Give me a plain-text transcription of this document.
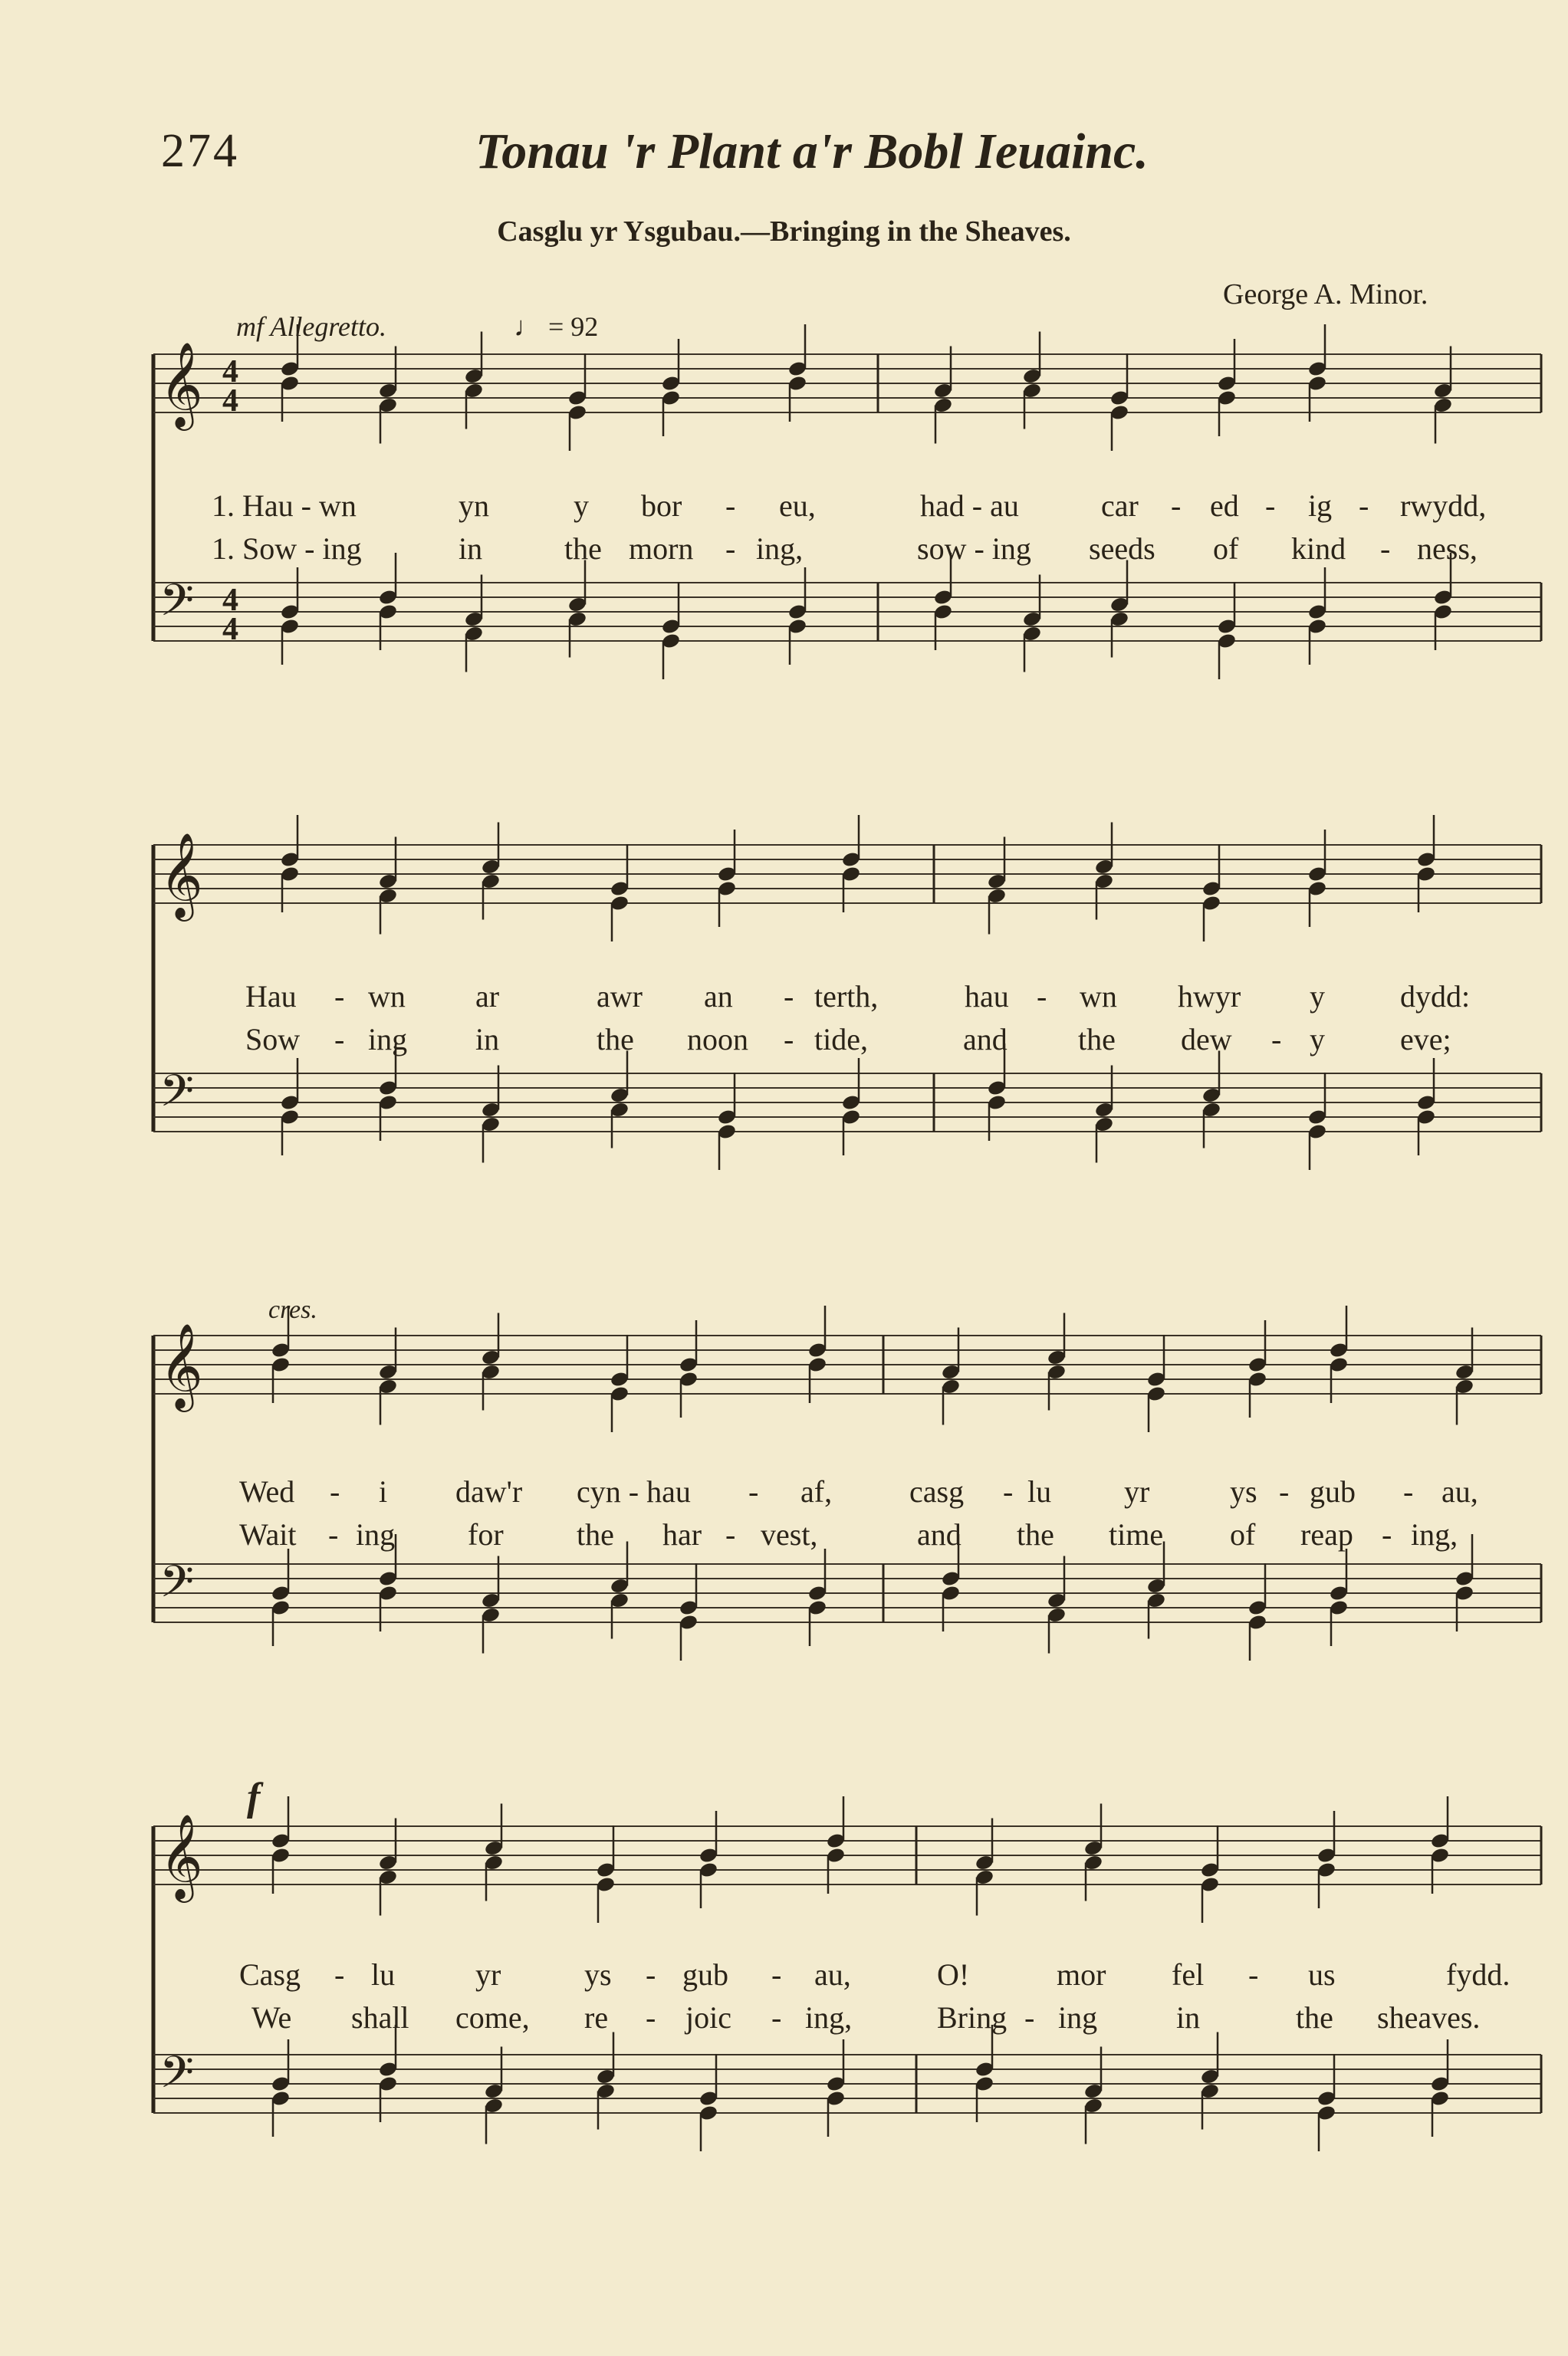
274	Tonau 'r Plant a'r Bobl Ieuainc.
Casglu yr Ysgubau.—Bringing in the Sheaves.
George A. Minor.
mf Allegretto.	♩ = 92
cres.
f
𝄞 4
4
𝄢 4
4
𝄞
𝄢
𝄞
𝄢
𝄞
𝄢
1. Hau - wn	yn	y bor - eu,	had - au	car - ed - ig - rwydd,
1. Sow - ing	in	the morn - ing,	sow - ing seeds of kind - ness,
Hau - wn ar	awr an - terth,	hau - wn hwyr y dydd:
Sow - ing in	the noon - tide,	and the dew - y eve;
Wed - i daw'r cyn - hau - af,	casg - lu yr	ys - gub - au,
Wait - ing for the har - vest,	and the time of reap - ing,
Casg - lu	yr	ys - gub - au,	O!	mor fel - us	fydd.
We shall come, re - joic - ing,	Bring - ing	in	the sheaves.
